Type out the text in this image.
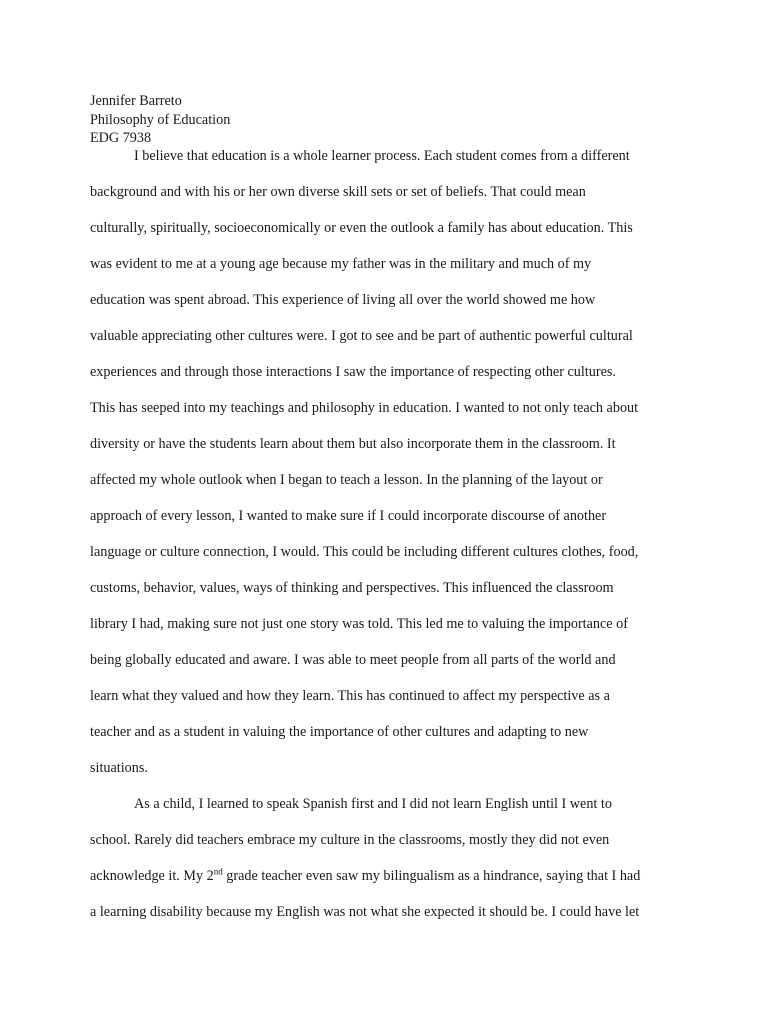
Jennifer Barreto
Philosophy of Education
EDG 7938
I believe that education is a whole learner process. Each student comes from a different
background and with his or her own diverse skill sets or set of beliefs. That could mean
culturally, spiritually, socioeconomically or even the outlook a family has about education. This
was evident to me at a young age because my father was in the military and much of my
education was spent abroad. This experience of living all over the world showed me how
valuable appreciating other cultures were. I got to see and be part of authentic powerful cultural
experiences and through those interactions I saw the importance of respecting other cultures.
This has seeped into my teachings and philosophy in education. I wanted to not only teach about
diversity or have the students learn about them but also incorporate them in the classroom. It
affected my whole outlook when I began to teach a lesson. In the planning of the layout or
approach of every lesson, I wanted to make sure if I could incorporate discourse of another
language or culture connection, I would. This could be including different cultures clothes, food,
customs, behavior, values, ways of thinking and perspectives. This influenced the classroom
library I had, making sure not just one story was told. This led me to valuing the importance of
being globally educated and aware. I was able to meet people from all parts of the world and
learn what they valued and how they learn. This has continued to affect my perspective as a
teacher and as a student in valuing the importance of other cultures and adapting to new
situations.
As a child, I learned to speak Spanish first and I did not learn English until I went to
school. Rarely did teachers embrace my culture in the classrooms, mostly they did not even
acknowledge it. My 2nd grade teacher even saw my bilingualism as a hindrance, saying that I had
a learning disability because my English was not what she expected it should be. I could have let
